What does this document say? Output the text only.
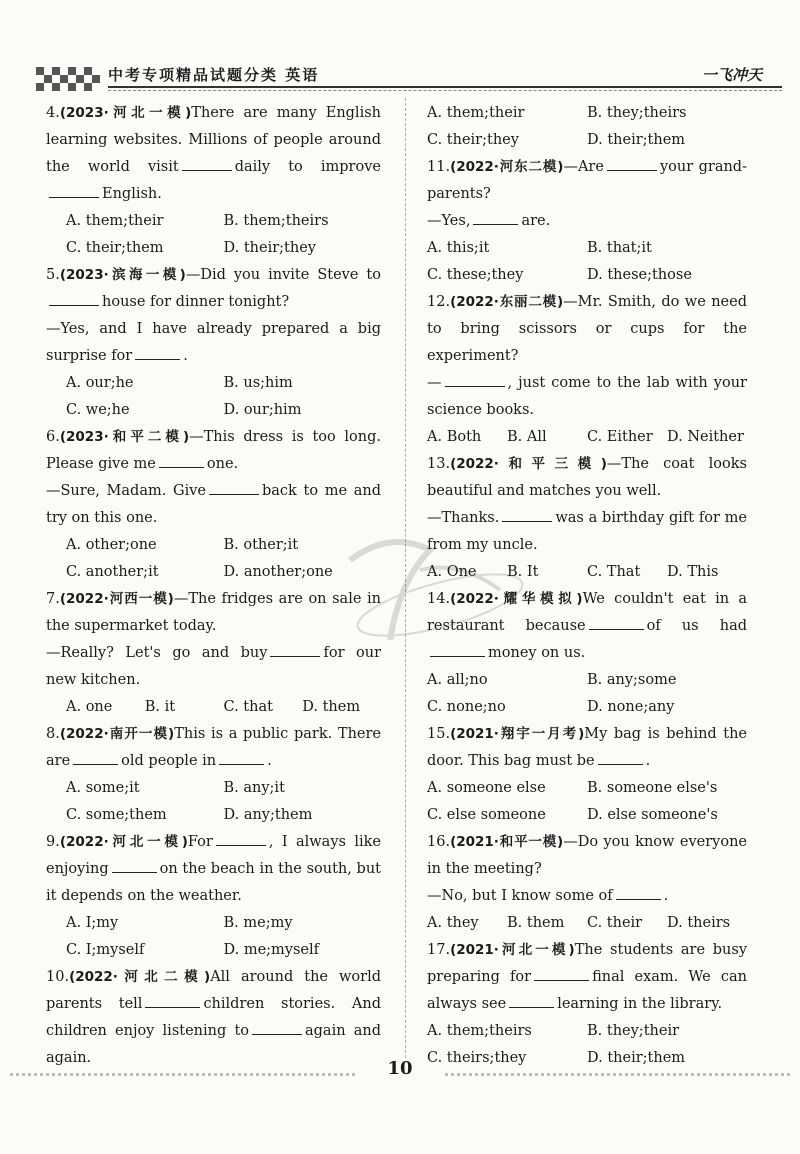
中考专项精品试题分类 英语	一飞冲天
4.(2023·河北一模)There are many English learning websites. Millions of people around the world visit	daily to improveEnglish.
A. them;their	B. them;theirs
C. their;them	D. their;they
5.(2023·滨海一模)—Did you invite Steve tohouse for dinner tonight?
—Yes, and I have already prepared a big surprise for	.
A. our;he	B. us;him
C. we;he	D. our;him
6.(2023·和平二模)—This dress is too long. Please give me	one.
—Sure, Madam. Give	back to me and try on this one.
A. other;one	B. other;it
C. another;it	D. another;one
7.(2022·河西一模)—The fridges are on sale in the supermarket today.
—Really? Let's go and buy	for our new kitchen.
A. one	B. it	C. that	D. them
8.(2022·南开一模)This is a public park. There are	old people in	.
A. some;it	B. any;it
C. some;them	D. any;them
9.(2022·河北一模)For	, I always like enjoying	on the beach in the south, but it depends on the weather.
A. I;my	B. me;my
C. I;myself	D. me;myself
10.(2022·河北二模)All around the world parents tell	children stories. And children enjoy listening to	again and again.
A. them;their	B. they;theirs
C. their;they	D. their;them
11.(2022·河东二模)—Are	your grand-parents?
—Yes,	are.
A. this;it	B. that;it
C. these;they	D. these;those
12.(2022·东丽二模)—Mr. Smith, do we need to bring scissors or cups for the experiment?
—	, just come to the lab with your science books.
A. Both	B. All	C. Either D. Neither
13.(2022·和平三模)—The coat looks beautiful and matches you well.
—Thanks.	was a birthday gift for me from my uncle.
A. One	B. It	C. That	D. This
14.(2022·耀华模拟)We couldn't eat in a restaurant because	of us hadmoney on us.
A. all;no	B. any;some
C. none;no	D. none;any
15.(2021·翔宇一月考)My bag is behind the door. This bag must be	.
A. someone else	B. someone else's
C. else someone	D. else someone's
16.(2021·和平一模)—Do you know everyone in the meeting?
—No, but I know some of	.
A. they	B. them	C. their	D. theirs
17.(2021·河北一模)The students are busy preparing for	final exam. We can always see	learning in the library.
A. them;theirs	B. they;their
C. theirs;they	D. their;them
10
